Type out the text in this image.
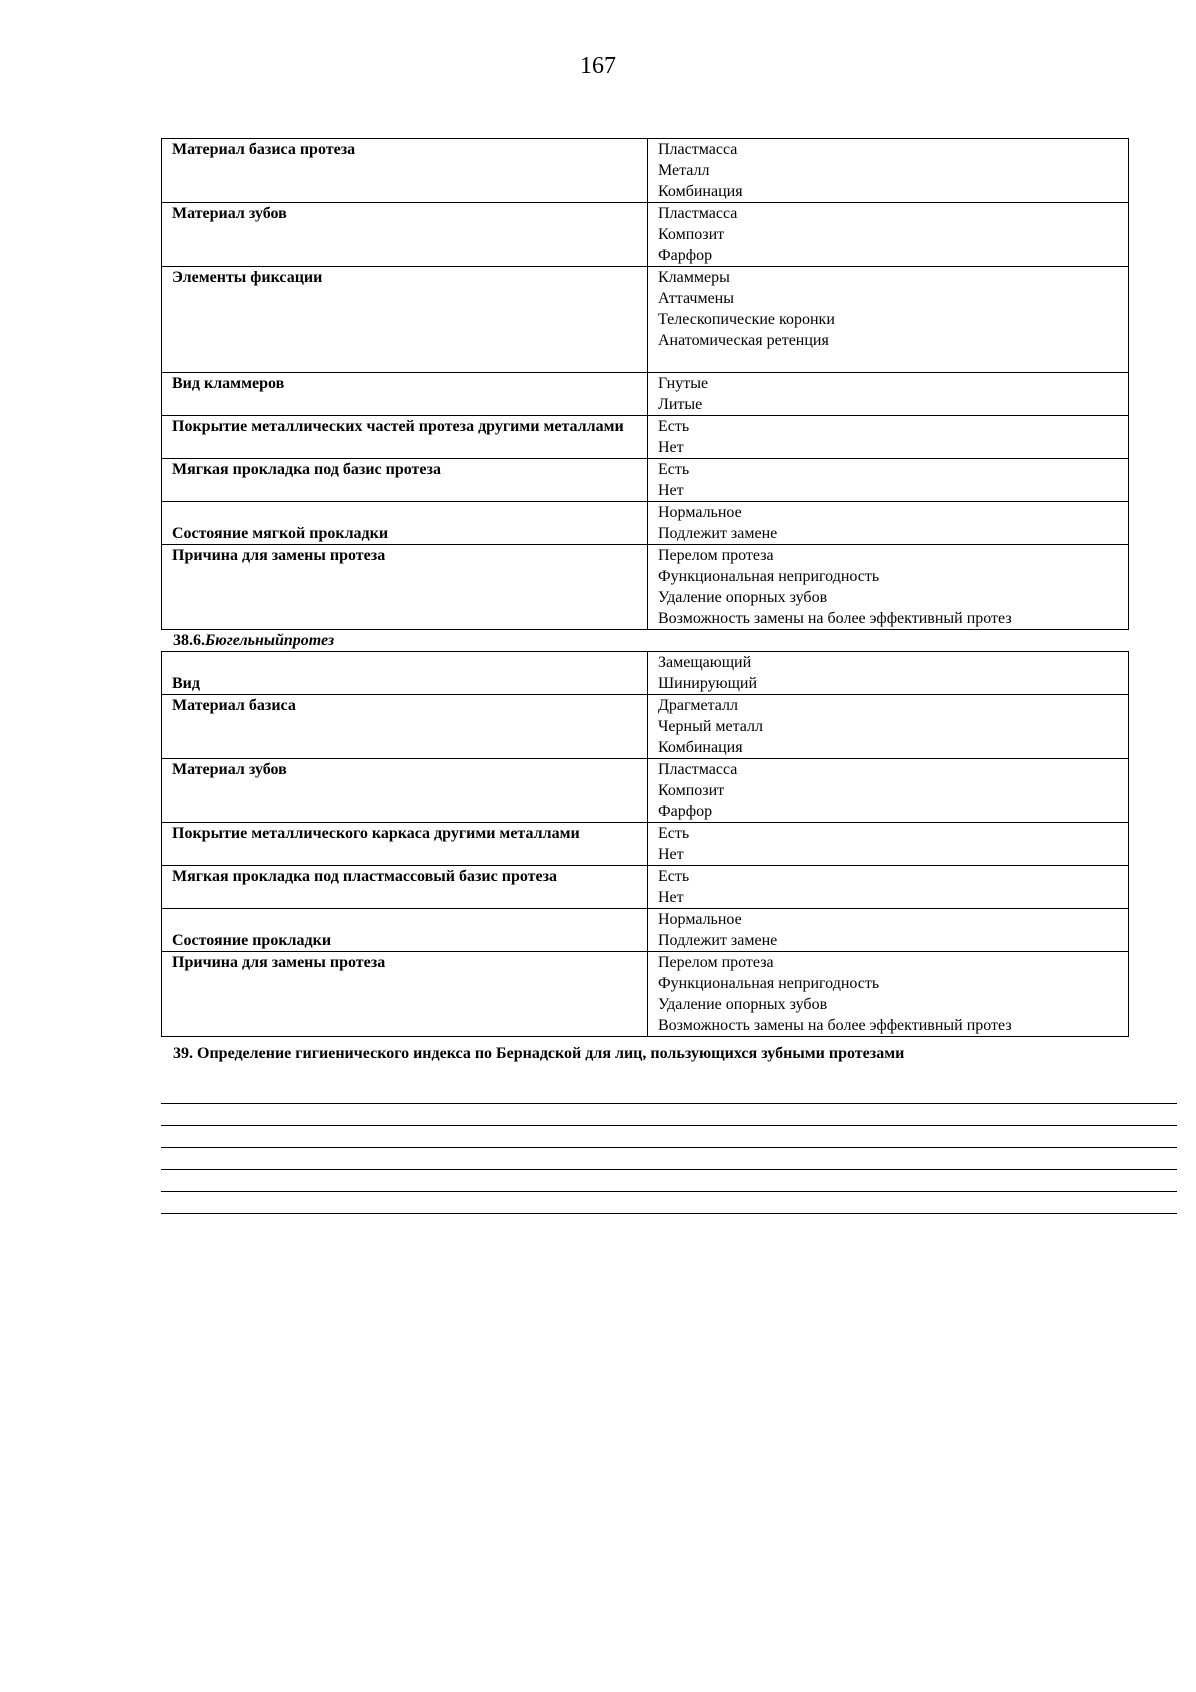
167
Материал базиса протеза	Пластмасса
Металл
Комбинация

Материал зубов	Пластмасса
Композит
Фарфор

Элементы фиксации	Кламмеры
Аттачмены
Телескопические коронки
Анатомическая ретенция

Вид кламмеров	Гнутые
Литые

Покрытие металлических частей протеза другими металлами	Есть
Нет

Мягкая прокладка под базис протеза	Есть
Нет

Состояние мягкой прокладки	Нормальное
Подлежит замене

Причина для замены протеза	Перелом протеза
Функциональная непригодность
Удаление опорных зубов
Возможность замены на более эффективный протез
38.6.Бюгельныйпротез
Вид	Замещающий
Шинирующий

Материал базиса	Драгметалл
Черный металл
Комбинация

Материал зубов	Пластмасса
Композит
Фарфор

Покрытие металлического каркаса другими металлами	Есть
Нет

Мягкая прокладка под пластмассовый базис протеза	Есть
Нет

Состояние прокладки	Нормальное
Подлежит замене

Причина для замены протеза	Перелом протеза
Функциональная непригодность
Удаление опорных зубов
Возможность замены на более эффективный протез
39. Определение гигиенического индекса по Бернадской для лиц, пользующихся зубными протезами
